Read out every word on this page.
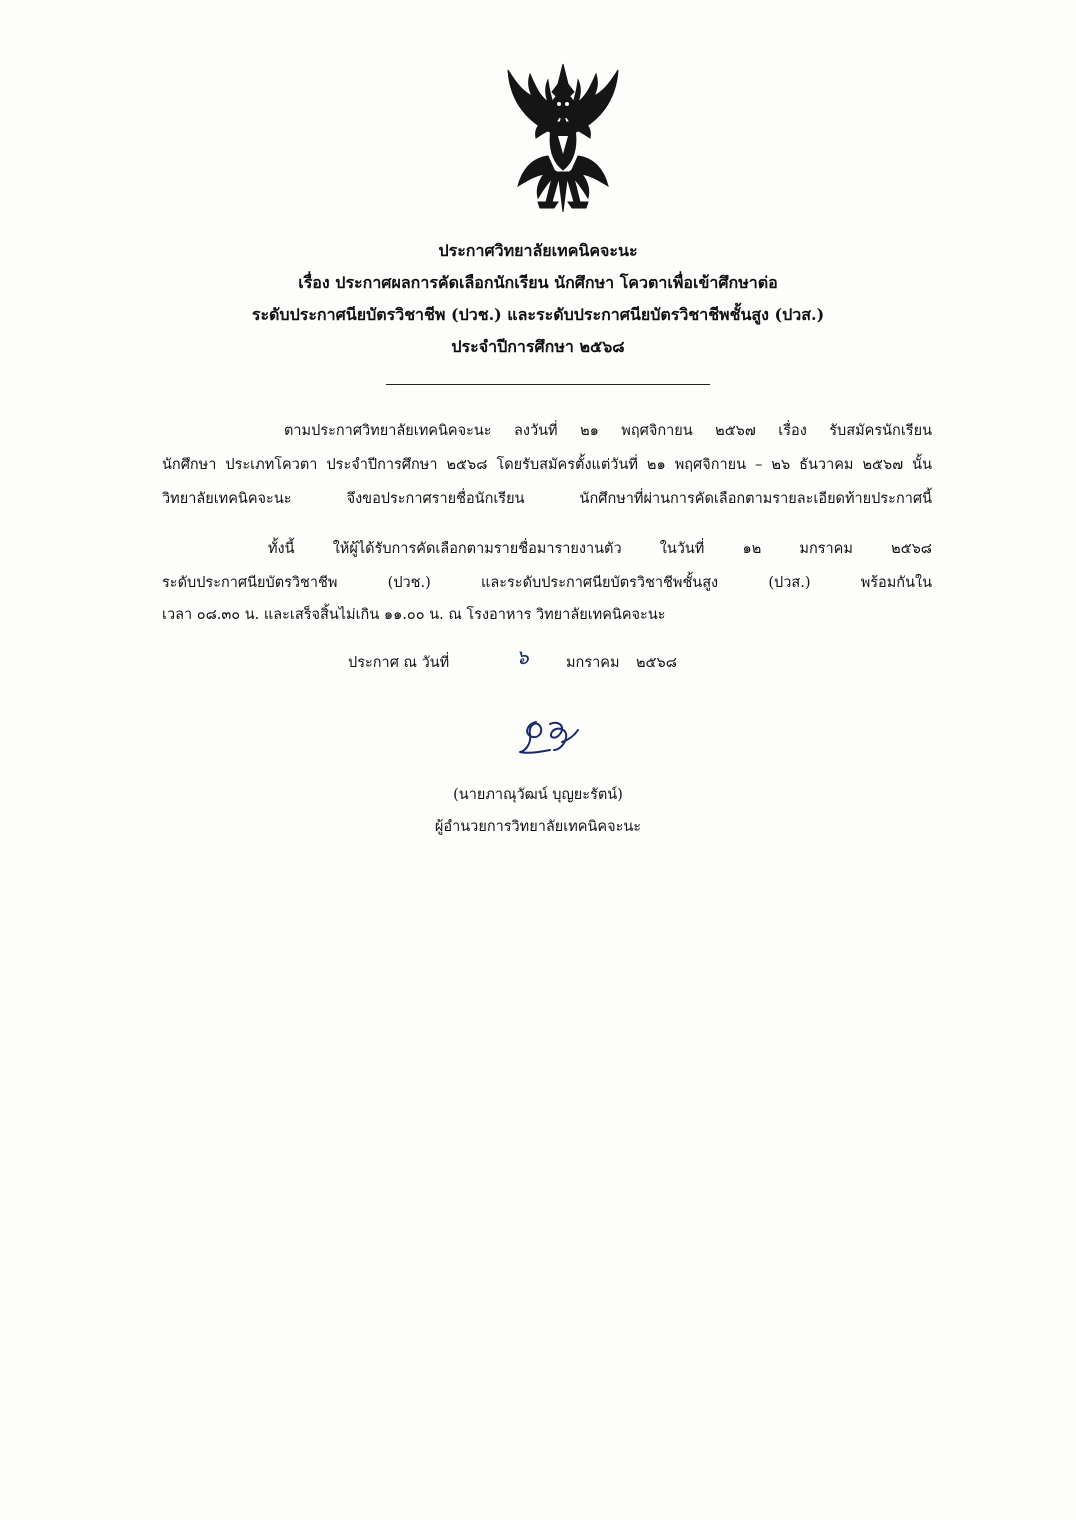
ประกาศวิทยาลัยเทคนิคจะนะ
เรื่อง ประกาศผลการคัดเลือกนักเรียน นักศึกษา โควตาเพื่อเข้าศึกษาต่อ
ระดับประกาศนียบัตรวิชาชีพ (ปวช.) และระดับประกาศนียบัตรวิชาชีพชั้นสูง (ปวส.)
ประจำปีการศึกษา ๒๕๖๘
ตามประกาศวิทยาลัยเทคนิคจะนะ ลงวันที่ ๒๑ พฤศจิกายน ๒๕๖๗ เรื่อง รับสมัครนักเรียน
นักศึกษา ประเภทโควตา ประจำปีการศึกษา ๒๕๖๘ โดยรับสมัครตั้งแต่วันที่ ๒๑ พฤศจิกายน – ๒๖ ธันวาคม ๒๕๖๗ นั้น
วิทยาลัยเทคนิคจะนะ จึงขอประกาศรายชื่อนักเรียน นักศึกษาที่ผ่านการคัดเลือกตามรายละเอียดท้ายประกาศนี้
ทั้งนี้ ให้ผู้ได้รับการคัดเลือกตามรายชื่อมารายงานตัว ในวันที่ ๑๒ มกราคม ๒๕๖๘
ระดับประกาศนียบัตรวิชาชีพ (ปวช.) และระดับประกาศนียบัตรวิชาชีพชั้นสูง (ปวส.) พร้อมกันใน
เวลา ๐๘.๓๐ น. และเสร็จสิ้นไม่เกิน ๑๑.๐๐ น. ณ โรงอาหาร วิทยาลัยเทคนิคจะนะ
ประกาศ ณ วันที่	๖	มกราคม ๒๕๖๘
(นายภาณุวัฒน์ บุญยะรัตน์)
ผู้อำนวยการวิทยาลัยเทคนิคจะนะ
